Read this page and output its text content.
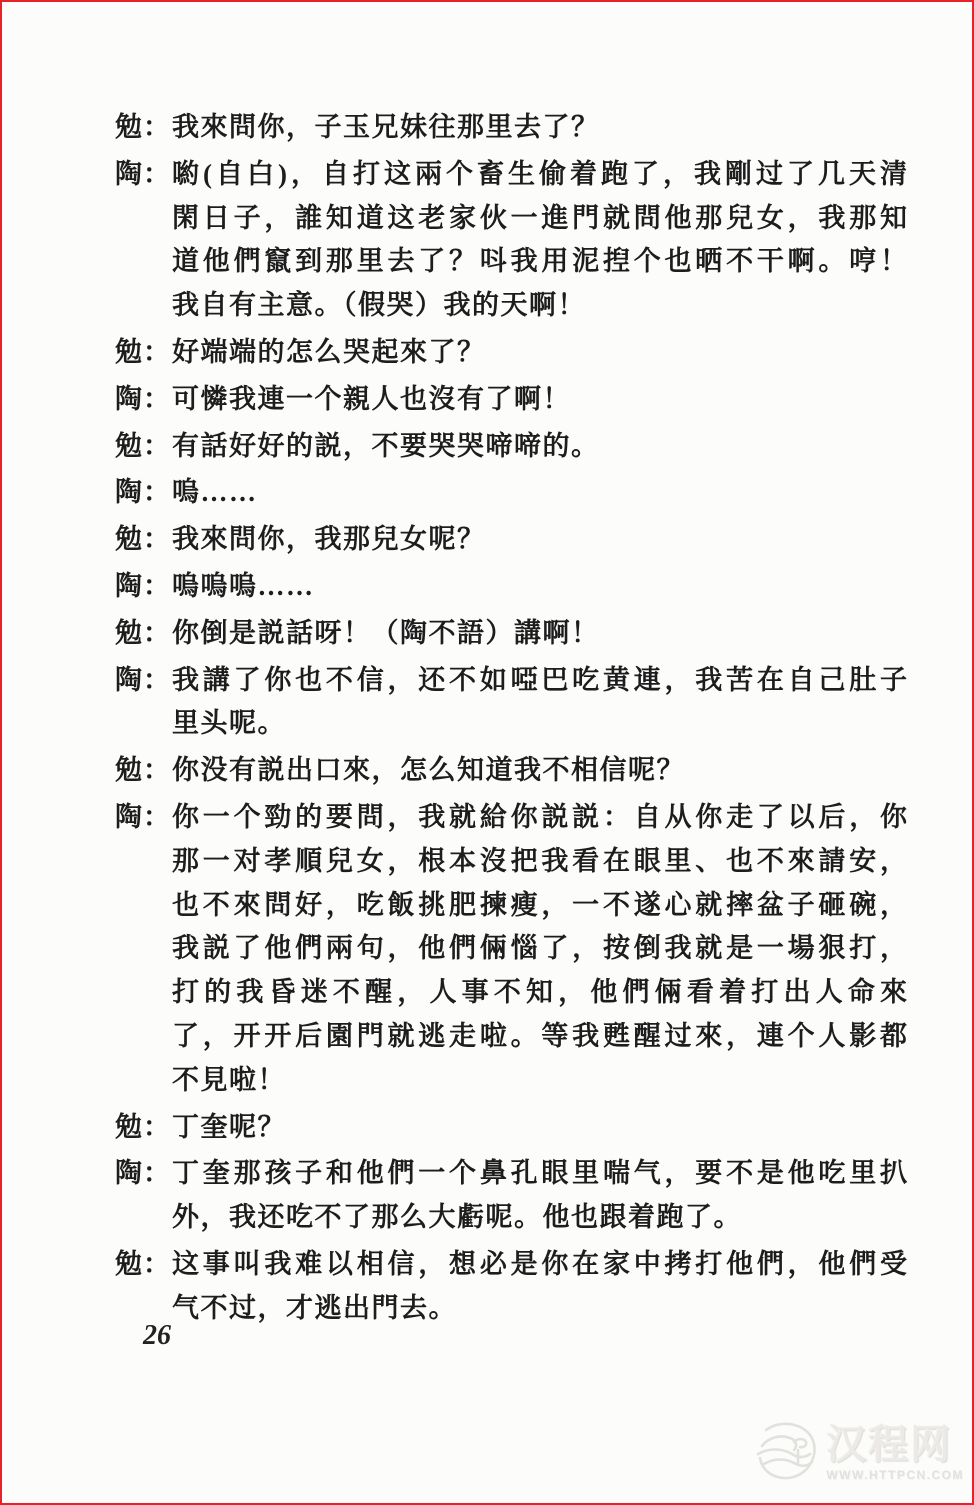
勉： 我來問你，子玉兄妹往那里去了？
陶： 喲(自白)，自打这兩个畜生偷着跑了，我剛过了几天清
閑日子，誰知道这老家伙一進門就問他那兒女，我那知
道他們竄到那里去了？呌我用泥揑个也晒不干啊。哼！
我自有主意。（假哭）我的天啊！
勉： 好端端的怎么哭起來了？
陶： 可憐我連一个親人也沒有了啊！
勉： 有話好好的説，不要哭哭啼啼的。
陶： 嗚……
勉： 我來問你，我那兒女呢？
陶： 嗚嗚嗚……
勉： 你倒是説話呀！（陶不語）講啊！
陶： 我講了你也不信，还不如啞巴吃黄連，我苦在自己肚子
里头呢。
勉： 你没有説出口來，怎么知道我不相信呢？
陶： 你一个勁的要問，我就給你説説：自从你走了以后，你
那一对孝順兒女，根本沒把我看在眼里、也不來請安，
也不來問好，吃飯挑肥揀瘦，一不遂心就摔盆子砸碗，
我説了他們兩句，他們倆惱了，按倒我就是一場狠打，
打的我昏迷不醒，人事不知，他們倆看着打出人命來
了，开开后園門就逃走啦。等我甦醒过來，連个人影都
不見啦！
勉： 丁奎呢？
陶： 丁奎那孩子和他們一个鼻孔眼里喘气，要不是他吃里扒
外，我还吃不了那么大虧呢。他也跟着跑了。
勉： 这事叫我难以相信，想必是你在家中拷打他們，他們受
气不过，才逃出門去。
26
汉程网
WWW.HTTPCN.COM
